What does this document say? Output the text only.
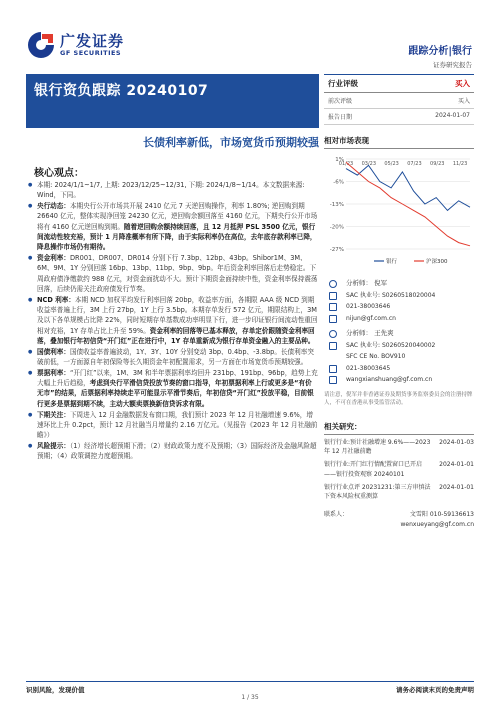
广发证券
GF SECURITIES	跟踪分析|银行
证券研究报告
银行资负跟踪 20240107
长债利率新低，市场宽货币预期较强
核心观点：
● 本期: 2024/1/1~1/7, 上期: 2023/12/25~12/31, 下期: 2024/1/8~1/14。本文数据来源: Wind，下同。
● 央行动态：本期央行公开市场共开展 2410 亿元 7 天逆回购操作，利率 1.80%; 逆回购到期 26640 亿元，整体实现净回笼 24230 亿元，逆回购余额回落至 4160 亿元，下期央行公开市场将有 4160 亿元逆回购到期。随着逆回购余额持续回落，且 12 月抵押 PSL 3500 亿元，银行间流动性较充裕，预计 1 月降准概率有所下降，由于实际利率仍在高位，去年底存款利率已降，降息操作市场仍有期待。
● 资金利率：DR001、DR007、DR014 分别下行 7.3bp、12bp、43bp。Shibor1M、3M、6M、9M、1Y 分别回落 16bp、13bp、11bp、9bp、9bp。年后资金利率回落后走势稳定。下周政府债净缴款约 988 亿元，对资金面扰动不大。预计下期资金面持续中性，资金利率保持震荡回落，后续仍需关注政府债发行节奏。
● NCD 利率：本期 NCD 加权平均发行利率回落 20bp，收益率方面，各期限 AAA 级 NCD 到期收益率普遍上行，3M 上行 27bp，1Y 上行 3.5bp。本期存单发行 572 亿元，期限结构上，3M 及以下各单规模占比降 22%，同时短期存单基数成功率明显下行，进一步印证银行间流动性重回相对充裕，1Y 存单占比上升至 59%。资金利率的回落等已基本释放，存单定价跟随资金利率回落，叠加银行年初信贷“开门红”正在进行中，1Y 存单重新成为银行存单资金融入的主要品种。
● 国债利率：国债收益率普遍波动，1Y、3Y、10Y 分别变动 3bp、0.4bp、-3.8bp。长债利率突破前低，一方面源自年初保险等长久期资金年初配置需求，另一方面在市场宽货币预期较强。
● 票据利率：“开门红”以来，1M、3M 和半年票据利率均回升 231bp、191bp、96bp，趋势上充大幅上升后趋稳，考虑到央行平滑信贷投放节奏的窗口指导，年初票据利率上行或更多是“有价无市”的结果，后票据利率持续走平可能显示平滑节奏后，年初信贷“开门红”投放平稳，目前银行更多是票据到期不续，主动大额卖票换新信贷诉求有限。
● 下期关注：下周进入 12 月金融数据发布窗口期，我们预计 2023 年 12 月社融增速 9.6%，增速环比上升 0.2pct，预计 12 月社融当月增量约 2.16 万亿元。（见报告《2023 年 12 月社融前瞻》）
● 风险提示：（1）经济增长超预期下滑；（2）财政政策力度不及预期；（3）国际经济及金融风险超预期；（4）政策调控力度超预期。
行业评级	买入
前次评级	买入
报告日期	2024-01-07
相对市场表现
1%
-6%
-13%
-20%
-27%
01/23 03/23 05/23 07/23 09/23 11/23
银行	沪深300
分析师： 倪军
SAC 执业号: S0260518020004
021-38003646
nijun@gf.com.cn
分析师： 王先爽
SAC 执业号: S0260520040002
SFC CE No. BOV910
021-38003645
wangxianshuang@gf.com.cn
请注意，倪军并非香港证券及期货事务监察委员会的注册持牌人，不可在香港从事受监管活动。
相关研究：
银行行业:预计社融增速 9.6%——2023 年 12 月社融前瞻
2024-01-03
银行行业:开门红行情配置窗口已开启——银行投资观察 20240101
2024-01-01
银行行业点评 20231231:第三方审慎法下资本风险权重测算
2024-01-01
联系人：	文雪阳 010-59136613
wenxueyang@gf.com.cn
识别风险，发现价值	请务必阅读末页的免责声明
1 / 35
